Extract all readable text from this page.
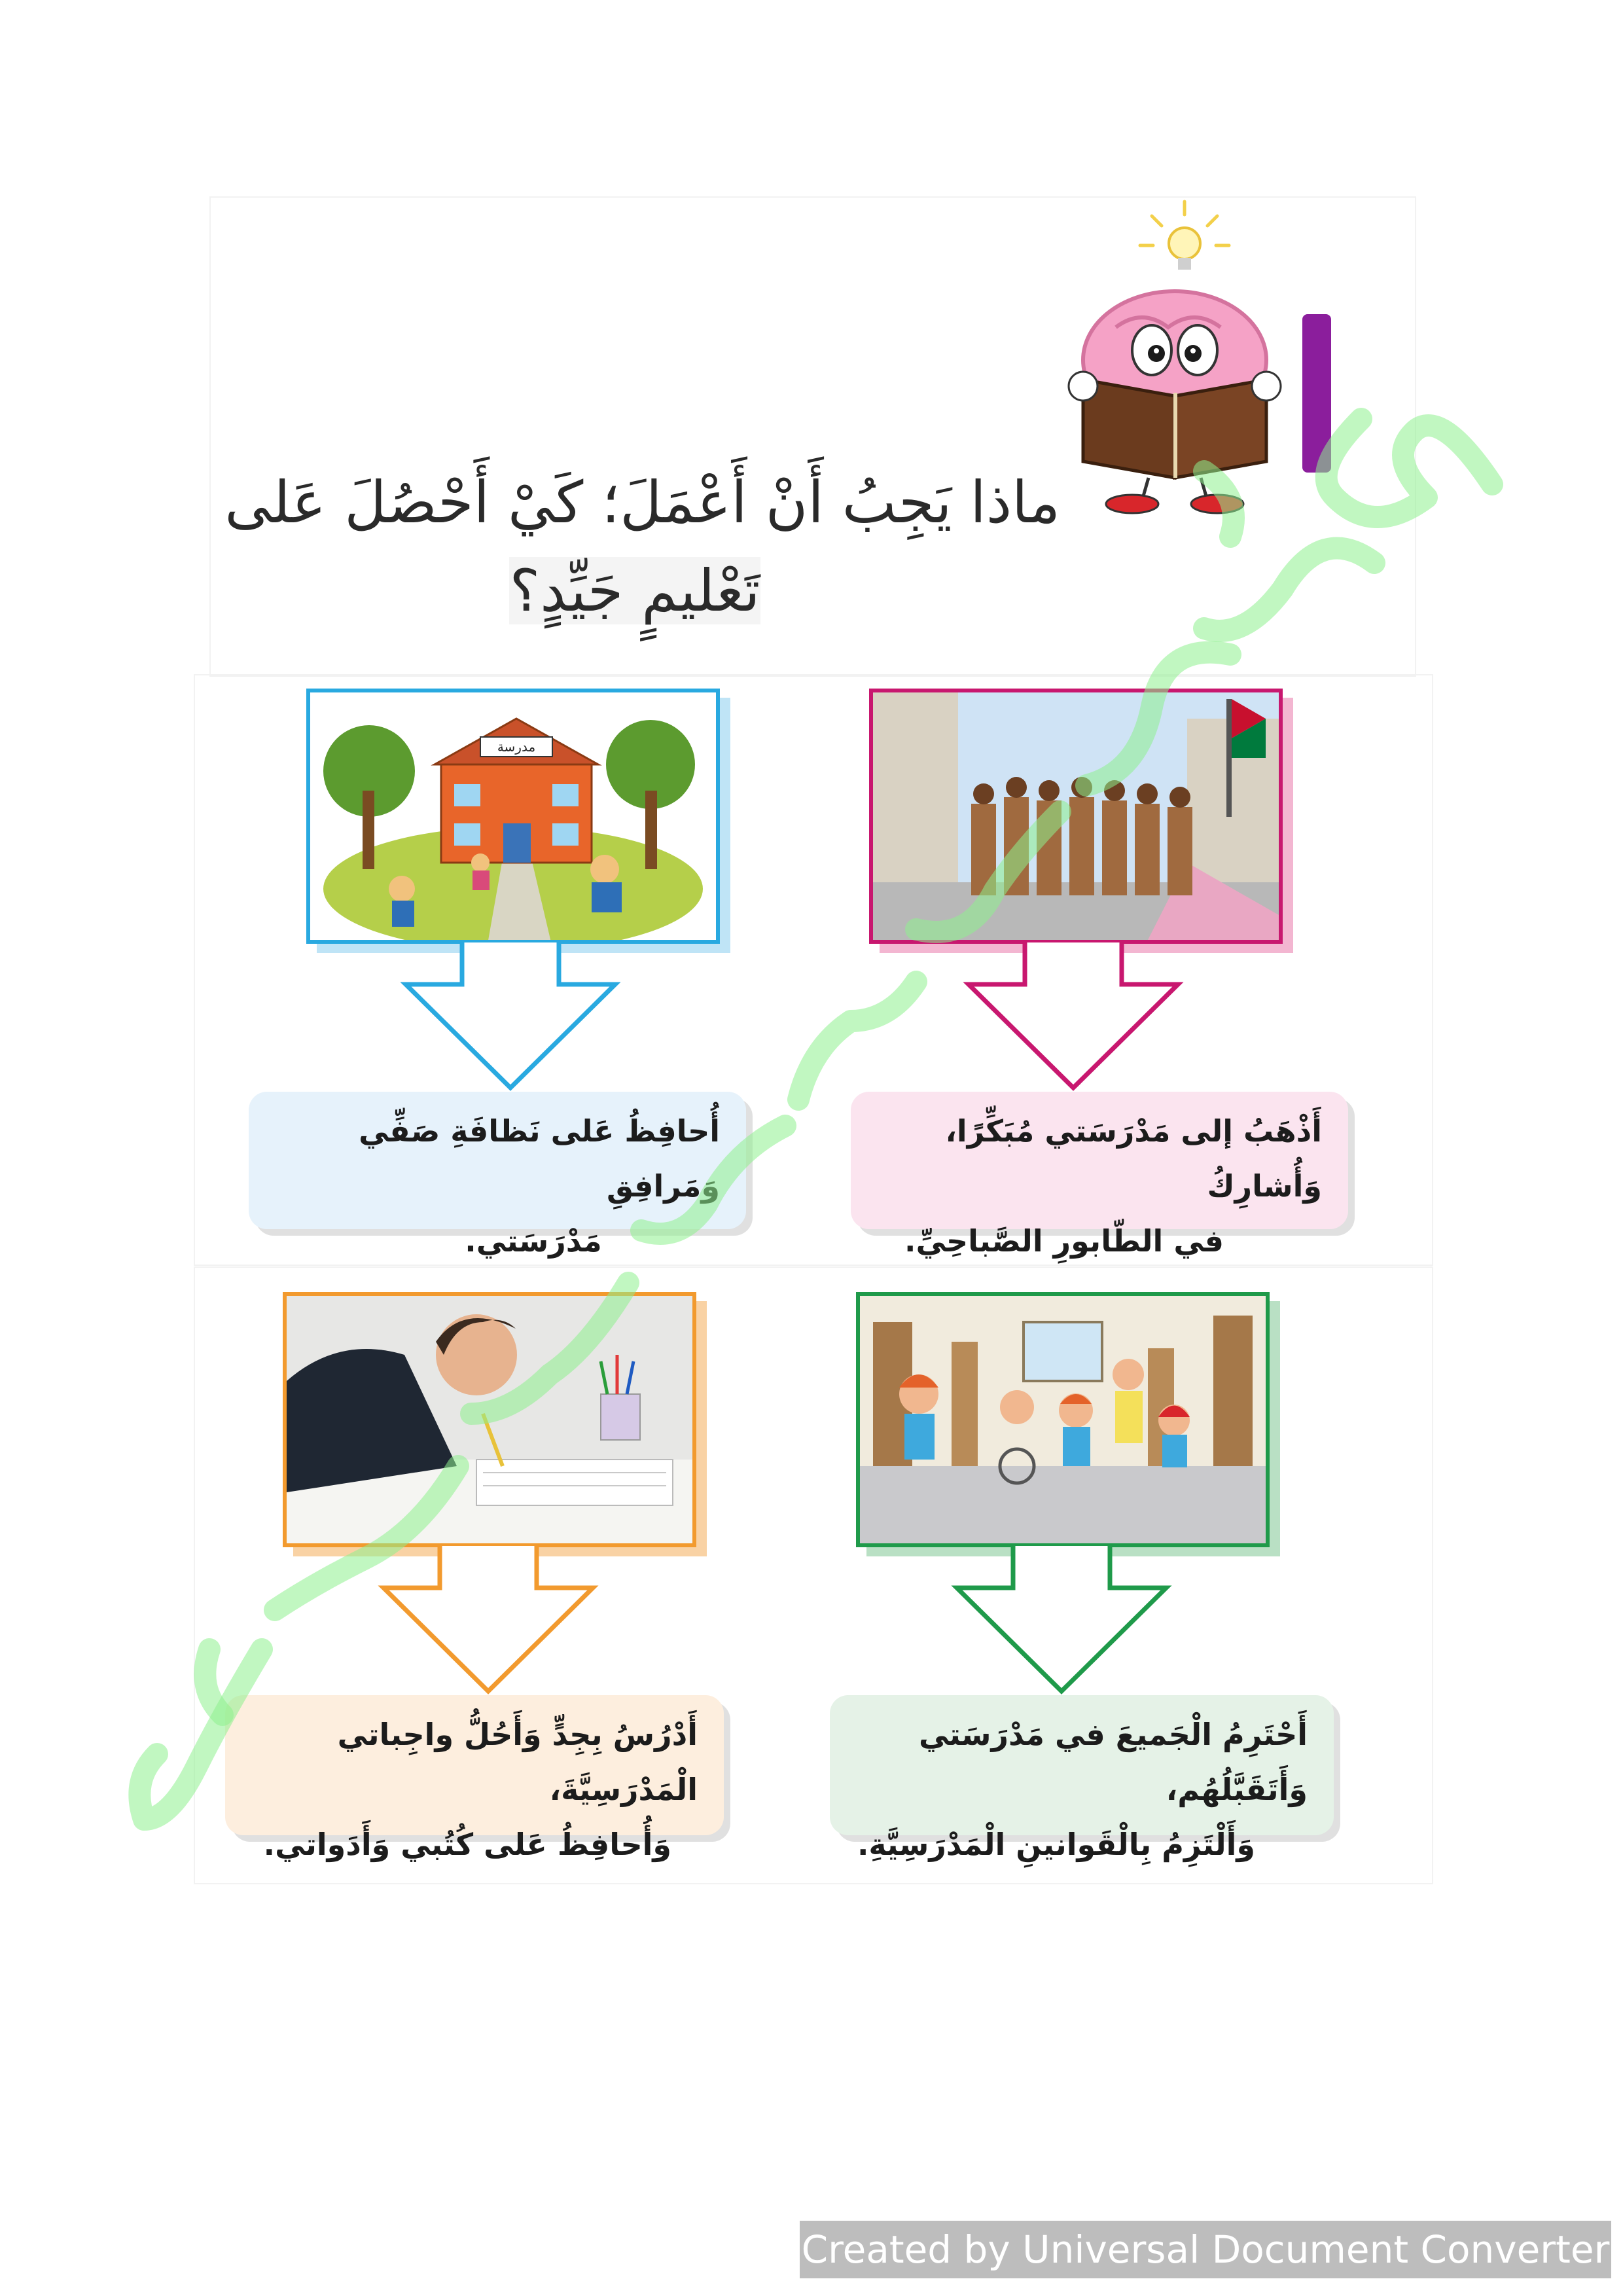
ماذا يَجِبُ أَنْ أَعْمَلَ؛ كَيْ أَحْصُلَ عَلى
تَعْليمٍ جَيِّدٍ؟
مدرسة
أُحافِظُ عَلى نَظافَةِ صَفِّي وَمَرافِقِ
مَدْرَسَتي.
أَذْهَبُ إلى مَدْرَسَتي مُبَكِّرًا، وَأُشارِكُ
في الطّابورِ الصَّباحِيِّ.
أَدْرُسُ بِجِدٍّ وَأَحُلُّ واجِباتي الْمَدْرَسِيَّةَ،
وَأُحافِظُ عَلى كُتُبي وَأَدَواتي.
أَحْتَرِمُ الْجَميعَ في مَدْرَسَتي وَأَتَقَبَّلُهُم،
وَأَلْتَزِمُ بِالْقَوانينِ الْمَدْرَسِيَّةِ.
Created by Universal Document Converter
